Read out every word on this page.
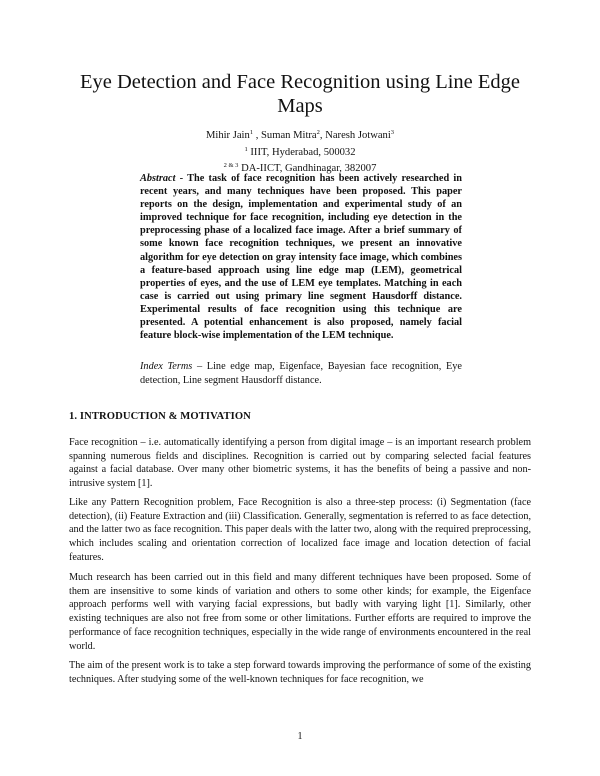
Eye Detection and Face Recognition using Line Edge Maps
Mihir Jain$^1$ , Suman Mitra$^2$, Naresh Jotwani$^3$
$^1$ IIIT, Hyderabad, 500032
$^{2 \& 3}$ DA-IICT, Gandhinagar, 382007
Abstract - The task of face recognition has been actively researched in recent years, and many techniques have been proposed. This paper reports on the design, implementation and experimental study of an improved technique for face recognition, including eye detection in the preprocessing phase of a localized face image. After a brief summary of some known face recognition techniques, we present an innovative algorithm for eye detection on gray intensity face image, which combines a feature-based approach using line edge map (LEM), geometrical properties of eyes, and the use of LEM eye templates. Matching in each case is carried out using primary line segment Hausdorff distance. Experimental results of face recognition using this technique are presented. A potential enhancement is also proposed, namely facial feature block-wise implementation of the LEM technique.
Index Terms – Line edge map, Eigenface, Bayesian face recognition, Eye detection, Line segment Hausdorff distance.
1. INTRODUCTION & MOTIVATION
Face recognition – i.e. automatically identifying a person from digital image – is an important research problem spanning numerous fields and disciplines. Recognition is carried out by comparing selected facial features against a facial database. Over many other biometric systems, it has the benefits of being a passive and non-intrusive system [1].
Like any Pattern Recognition problem, Face Recognition is also a three-step process: (i) Segmentation (face detection), (ii) Feature Extraction and (iii) Classification. Generally, segmentation is referred to as face detection, and the latter two as face recognition. This paper deals with the latter two, along with the required preprocessing, which includes scaling and orientation correction of localized face image and location detection of facial features.
Much research has been carried out in this field and many different techniques have been proposed. Some of them are insensitive to some kinds of variation and others to some other kinds; for example, the Eigenface approach performs well with varying facial expressions, but badly with varying light [1]. Similarly, other existing techniques are also not free from some or other limitations. Further efforts are required to improve the performance of face recognition techniques, especially in the wide range of environments encountered in the real world.
The aim of the present work is to take a step forward towards improving the performance of some of the existing techniques. After studying some of the well-known techniques for face recognition, we
1
